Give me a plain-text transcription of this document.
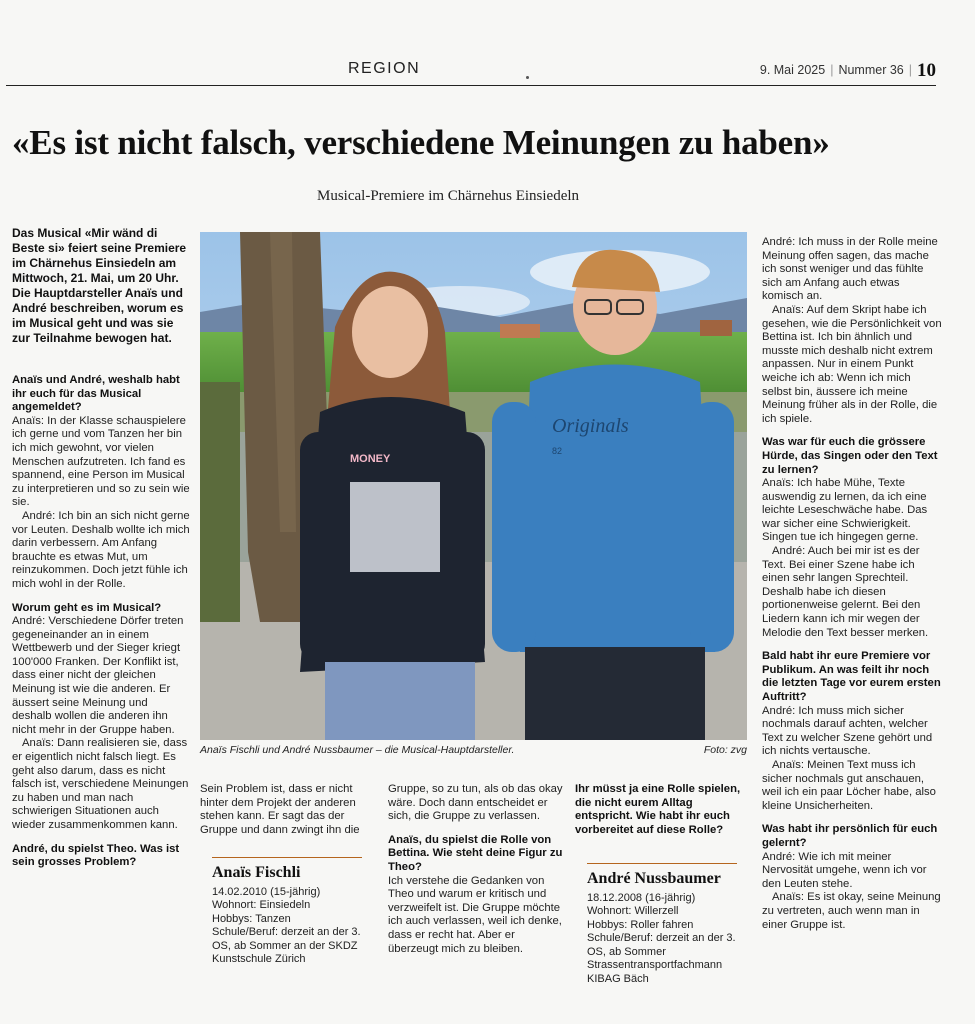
REGION	9. Mai 2025 | Nummer 36 | 10
«Es ist nicht falsch, verschiedene Meinungen zu haben»
Musical-Premiere im Chärnehus Einsiedeln

Das Musical «Mir wänd di Beste si» feiert seine Premiere im Chärnehus Einsiedeln am Mittwoch, 21. Mai, um 20 Uhr. Die Hauptdarsteller Anaïs und André beschreiben, worum es im Musical geht und was sie zur Teilnahme bewogen hat.

Anaïs und André, weshalb habt ihr euch für das Musical angemeldet?

Anaïs: In der Klasse schauspielere ich gerne und vom Tanzen her bin ich mich gewohnt, vor vielen Menschen aufzutreten. Ich fand es spannend, eine Person im Musical zu interpretieren und so zu sein wie sie.

André: Ich bin an sich nicht gerne vor Leuten. Deshalb wollte ich mich darin verbessern. Am Anfang brauchte es etwas Mut, um reinzukommen. Doch jetzt fühle ich mich wohl in der Rolle.

Worum geht es im Musical?

André: Verschiedene Dörfer treten gegeneinander an in einem Wettbewerb und der Sieger kriegt 100'000 Franken. Der Konflikt ist, dass einer nicht der gleichen Meinung ist wie die anderen. Er äussert seine Meinung und deshalb wollen die anderen ihn nicht mehr in der Gruppe haben.

Anaïs: Dann realisieren sie, dass er eigentlich nicht falsch liegt. Es geht also darum, dass es nicht falsch ist, verschiedene Meinungen zu haben und man nach schwierigen Situationen auch wieder zusammenkommen kann.

André, du spielst Theo. Was ist sein grosses Problem?

MONEY
Originals
82
Anaïs Fischli und André Nussbaumer – die Musical-Hauptdarsteller.	Foto: zvg

Sein Problem ist, dass er nicht hinter dem Projekt der anderen stehen kann. Er sagt das der Gruppe und dann zwingt ihn die

Anaïs Fischli
14.02.2010 (15-jährig)
Wohnort: Einsiedeln
Hobbys: Tanzen
Schule/Beruf: derzeit an der 3. OS, ab Sommer an der SKDZ Kunstschule Zürich

Gruppe, so zu tun, als ob das okay wäre. Doch dann entscheidet er sich, die Gruppe zu verlassen.

Anaïs, du spielst die Rolle von Bettina. Wie steht deine Figur zu Theo?

Ich verstehe die Gedanken von Theo und warum er kritisch und verzweifelt ist. Die Gruppe möchte ich auch verlassen, weil ich denke, dass er recht hat. Aber er überzeugt mich zu bleiben.

Ihr müsst ja eine Rolle spielen, die nicht eurem Alltag entspricht. Wie habt ihr euch vorbereitet auf diese Rolle?

André Nussbaumer
18.12.2008 (16-jährig)
Wohnort: Willerzell
Hobbys: Roller fahren
Schule/Beruf: derzeit an der 3. OS, ab Sommer Strassentransportfachmann KIBAG Bäch

André: Ich muss in der Rolle meine Meinung offen sagen, das mache ich sonst weniger und das fühlte sich am Anfang auch etwas komisch an.

Anaïs: Auf dem Skript habe ich gesehen, wie die Persönlichkeit von Bettina ist. Ich bin ähnlich und musste mich deshalb nicht extrem anpassen. Nur in einem Punkt weiche ich ab: Wenn ich mich selbst bin, äussere ich meine Meinung früher als in der Rolle, die ich spiele.

Was war für euch die grössere Hürde, das Singen oder den Text zu lernen?

Anaïs: Ich habe Mühe, Texte auswendig zu lernen, da ich eine leichte Leseschwäche habe. Das war sicher eine Schwierigkeit. Singen tue ich hingegen gerne.

André: Auch bei mir ist es der Text. Bei einer Szene habe ich einen sehr langen Sprechteil. Deshalb habe ich diesen portionenweise gelernt. Bei den Liedern kann ich mir wegen der Melodie den Text besser merken.

Bald habt ihr eure Premiere vor Publikum. An was feilt ihr noch die letzten Tage vor eurem ersten Auftritt?

André: Ich muss mich sicher nochmals darauf achten, welcher Text zu welcher Szene gehört und ich nichts vertausche.

Anaïs: Meinen Text muss ich sicher nochmals gut anschauen, weil ich ein paar Löcher habe, also kleine Unsicherheiten.

Was habt ihr persönlich für euch gelernt?

André: Wie ich mit meiner Nervosität umgehe, wenn ich vor den Leuten stehe.

Anaïs: Es ist okay, seine Meinung zu vertreten, auch wenn man in einer Gruppe ist.
